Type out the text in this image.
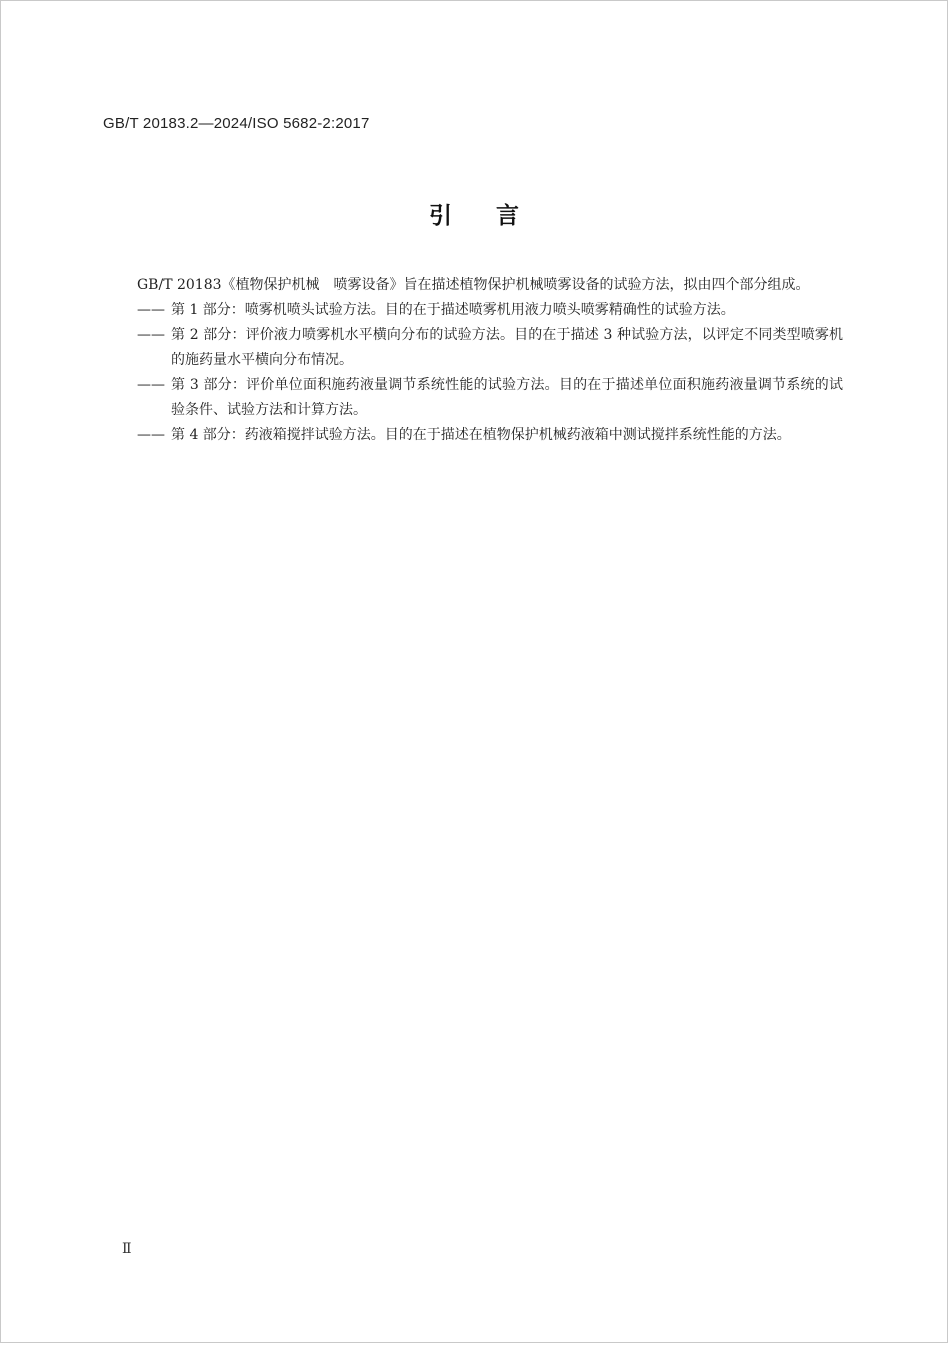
GB/T 20183.2—2024/ISO 5682-2:2017
引言

GB/T 20183《植物保护机械　喷雾设备》旨在描述植物保护机械喷雾设备的试验方法，拟由四个部分组成。

—— 第 1 部分：喷雾机喷头试验方法。目的在于描述喷雾机用液力喷头喷雾精确性的试验方法。
—— 第 2 部分：评价液力喷雾机水平横向分布的试验方法。目的在于描述 3 种试验方法，以评定不同类型喷雾机的施药量水平横向分布情况。
—— 第 3 部分：评价单位面积施药液量调节系统性能的试验方法。目的在于描述单位面积施药液量调节系统的试验条件、试验方法和计算方法。
—— 第 4 部分：药液箱搅拌试验方法。目的在于描述在植物保护机械药液箱中测试搅拌系统性能的方法。
Ⅱ
